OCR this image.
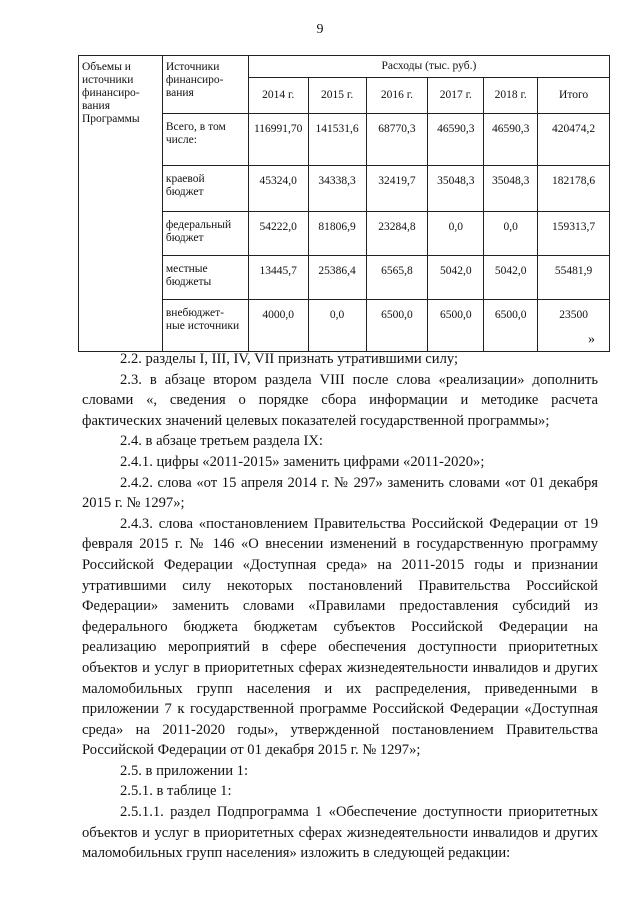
9
Объемы и источники финансиро- вания Программы	Источники финансиро- вания	Расходы (тыс. руб.)					
		2014 г.	2015 г.	2016 г.	2017 г.	2018 г.	Итого
	Всего, в том числе:	116991,70	141531,6	68770,3	46590,3	46590,3	420474,2
	краевой бюджет	45324,0	34338,3	32419,7	35048,3	35048,3	182178,6
	федеральный бюджет	54222,0	81806,9	23284,8	0,0	0,0	159313,7
	местные бюджеты	13445,7	25386,4	6565,8	5042,0	5042,0	55481,9
	внебюджет- ные источники	4000,0	0,0	6500,0	6500,0	6500,0	23500
»

2.2. разделы I, III, IV, VII признать утратившими силу;

2.3. в абзаце втором раздела VIII после слова «реализации» дополнить словами «, сведения о порядке сбора информации и методике расчета фактических значений целевых показателей государственной программы»;

2.4. в абзаце третьем раздела IX:

2.4.1. цифры «2011-2015» заменить цифрами «2011-2020»;

2.4.2. слова «от 15 апреля 2014 г. № 297» заменить словами «от 01 декабря 2015 г. № 1297»;

2.4.3. слова «постановлением Правительства Российской Федерации от 19 февраля 2015 г. № 146 «О внесении изменений в государственную программу Российской Федерации «Доступная среда» на 2011-2015 годы и признании утратившими силу некоторых постановлений Правительства Российской Федерации» заменить словами «Правилами предоставления субсидий из федерального бюджета бюджетам субъектов Российской Федерации на реализацию мероприятий в сфере обеспечения доступности приоритетных объектов и услуг в приоритетных сферах жизнедеятельности инвалидов и других маломобильных групп населения и их распределения, приведенными в приложении 7 к государственной программе Российской Федерации «Доступная среда» на 2011-2020 годы», утвержденной постановлением Правительства Российской Федерации от 01 декабря 2015 г. № 1297»;

2.5. в приложении 1:

2.5.1. в таблице 1:

2.5.1.1. раздел Подпрограмма 1 «Обеспечение доступности приоритетных объектов и услуг в приоритетных сферах жизнедеятельности инвалидов и других маломобильных групп населения» изложить в следующей редакции:
